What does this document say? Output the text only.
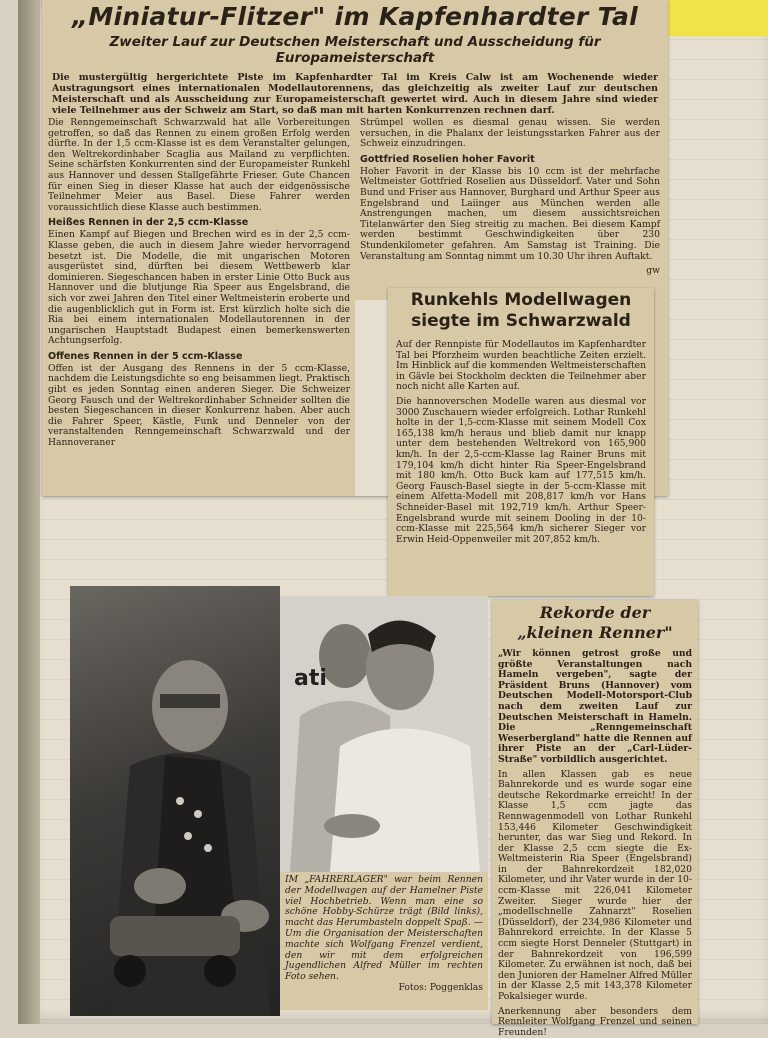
„Miniatur-Flitzer" im Kapfenhardter Tal
Zweiter Lauf zur Deutschen Meisterschaft und Ausscheidung für Europameisterschaft

Die mustergültig hergerichtete Piste im Kapfenhardter Tal im Kreis Calw ist am Wochenende wieder Austragungsort eines internationalen Modellautorennens, das gleichzeitig als zweiter Lauf zur deutschen Meisterschaft und als Ausscheidung zur Europameisterschaft gewertet wird. Auch in diesem Jahre sind wieder viele Teilnehmer aus der Schweiz am Start, so daß man mit harten Konkurrenzen rechnen darf.

Die Renngemeinschaft Schwarzwald hat alle Vorbereitungen getroffen, so daß das Rennen zu einem großen Erfolg werden dürfte. In der 1,5 ccm-Klasse ist es dem Veranstalter gelungen, den Weltrekordinhaber Scaglia aus Mailand zu verpflichten. Seine schärfsten Konkurrenten sind der Europameister Runkehl aus Hannover und dessen Stallgefährte Frieser. Gute Chancen für einen Sieg in dieser Klasse hat auch der eidgenössische Teilnehmer Meier aus Basel. Diese Fahrer werden voraussichtlich diese Klasse auch bestimmen.

Heißes Rennen in der 2,5 ccm-Klasse

Einen Kampf auf Biegen und Brechen wird es in der 2,5 ccm-Klasse geben, die auch in diesem Jahre wieder hervorragend besetzt ist. Die Modelle, die mit ungarischen Motoren ausgerüstet sind, dürften bei diesem Wettbewerb klar dominieren. Siegeschancen haben in erster Linie Otto Buck aus Hannover und die blutjunge Ria Speer aus Engelsbrand, die sich vor zwei Jahren den Titel einer Weltmeisterin eroberte und die augenblicklich gut in Form ist. Erst kürzlich holte sich die Ria bei einem internationalen Modellautorennen in der ungarischen Hauptstadt Budapest einen bemerkenswerten Achtungserfolg.

Offenes Rennen in der 5 ccm-Klasse

Offen ist der Ausgang des Rennens in der 5 ccm-Klasse, nachdem die Leistungsdichte so eng beisammen liegt. Praktisch gibt es jeden Sonntag einen anderen Sieger. Die Schweizer Georg Fausch und der Weltrekordinhaber Schneider sollten die besten Siegeschancen in dieser Konkurrenz haben. Aber auch die Fahrer Speer, Kästle, Funk und Denneler von der veranstaltenden Renngemeinschaft Schwarzwald und der Hannoveraner

Strümpel wollen es diesmal genau wissen. Sie werden versuchen, in die Phalanx der leistungsstarken Fahrer aus der Schweiz einzudringen.

Gottfried Roselien hoher Favorit

Hoher Favorit in der Klasse bis 10 ccm ist der mehrfache Weltmeister Gottfried Roselien aus Düsseldorf. Vater und Sohn Bund und Friser aus Hannover, Burghard und Arthur Speer aus Engelsbrand und Laiinger aus München werden alle Anstrengungen machen, um diesem aussichtsreichen Titelanwärter den Sieg streitig zu machen. Bei diesem Kampf werden bestimmt Geschwindigkeiten über 230 Stundenkilometer gefahren. Am Samstag ist Training. Die Veranstaltung am Sonntag nimmt um 10.30 Uhr ihren Auftakt.

gw

Runkehls Modellwagen siegte im Schwarzwald

Auf der Rennpiste für Modellautos im Kapfenhardter Tal bei Pforzheim wurden beachtliche Zeiten erzielt. Im Hinblick auf die kommenden Weltmeisterschaften in Gävle bei Stockholm deckten die Teilnehmer aber noch nicht alle Karten auf.

Die hannoverschen Modelle waren aus diesmal vor 3000 Zuschauern wieder erfolgreich. Lothar Runkehl holte in der 1,5-ccm-Klasse mit seinem Modell Cox 165,138 km/h heraus und blieb damit nur knapp unter dem bestehenden Weltrekord von 165,900 km/h. In der 2,5-ccm-Klasse lag Rainer Bruns mit 179,104 km/h dicht hinter Ria Speer-Engelsbrand mit 180 km/h. Otto Buck kam auf 177,515 km/h. Georg Fausch-Basel siegte in der 5-ccm-Klasse mit einem Alfetta-Modell mit 208,817 km/h vor Hans Schneider-Basel mit 192,719 km/h. Arthur Speer-Engelsbrand wurde mit seinem Dooling in der 10-ccm-Klasse mit 225,564 km/h sicherer Sieger vor Erwin Heid-Oppenweiler mit 207,852 km/h.

ati
IM „FAHRERLAGER" war beim Rennen der Modellwagen auf der Hamelner Piste viel Hochbetrieb. Wenn man eine so schöne Hobby-Schürze trägt (Bild links), macht das Herumbasteln doppelt Spaß. — Um die Organisation der Meisterschaften machte sich Wolfgang Frenzel verdient, den wir mit dem erfolgreichen Jugendlichen Alfred Müller im rechten Foto sehen.
Fotos: Poggenklas
Rekorde der
„kleinen Renner"

„Wir können getrost große und größte Veranstaltungen nach Hameln vergeben", sagte der Präsident Bruns (Hannover) vom Deutschen Modell-Motorsport-Club nach dem zweiten Lauf zur Deutschen Meisterschaft in Hameln. Die „Renngemeinschaft Weserbergland" hatte die Rennen auf ihrer Piste an der „Carl-Lüder-Straße" vorbildlich ausgerichtet.

In allen Klassen gab es neue Bahnrekorde und es wurde sogar eine deutsche Rekordmarke erreicht! In der Klasse 1,5 ccm jagte das Rennwagenmodell von Lothar Runkehl 153,446 Kilometer Geschwindigkeit herunter, das war Sieg und Rekord. In der Klasse 2,5 ccm siegte die Ex-Weltmeisterin Ria Speer (Engelsbrand) in der Bahnrekordzeit 182,020 Kilometer, und ihr Vater wurde in der 10-ccm-Klasse mit 226,041 Kilometer Zweiter. Sieger wurde hier der „modellschnelle Zahnarzt" Roselien (Düsseldorf), der 234,986 Kilometer und Bahnrekord erreichte. In der Klasse 5 ccm siegte Horst Denneler (Stuttgart) in der Bahnrekordzeit von 196,599 Kilometer. Zu erwähnen ist noch, daß bei den Junioren der Hamelner Alfred Müller in der Klasse 2,5 mit 143,378 Kilometer Pokalsieger wurde.

Anerkennung aber besonders dem Rennleiter Wolfgang Frenzel und seinen Freunden!
